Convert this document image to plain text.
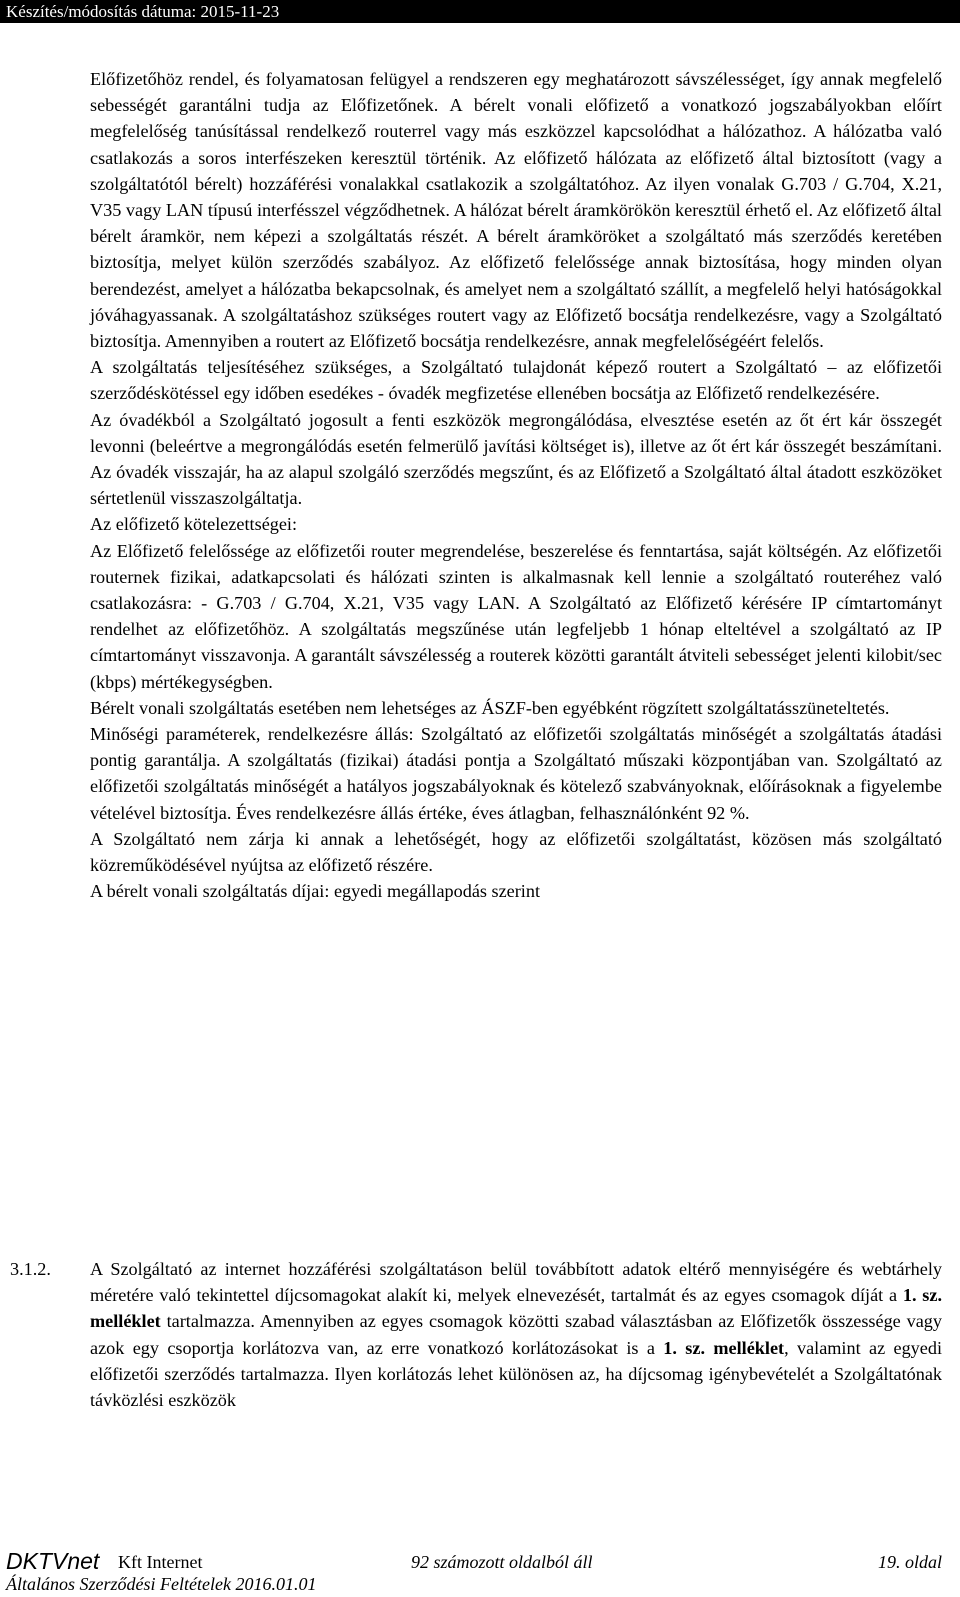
Készítés/módosítás dátuma: 2015-11-23

Előfizetőhöz rendel, és folyamatosan felügyel a rendszeren egy meghatározott sávszélességet, így annak megfelelő sebességét garantálni tudja az Előfizetőnek. A bérelt vonali előfizető a vonatkozó jogszabályokban előírt megfelelőség tanúsítással rendelkező routerrel vagy más eszközzel kapcsolódhat a hálózathoz. A hálózatba való csatlakozás a soros interfészeken keresztül történik. Az előfizető hálózata az előfizető által biztosított (vagy a szolgáltatótól bérelt) hozzáférési vonalakkal csatlakozik a szolgáltatóhoz. Az ilyen vonalak G.703 / G.704, X.21, V35 vagy LAN típusú interfésszel végződhetnek. A hálózat bérelt áramkörökön keresztül érhető el. Az előfizető által bérelt áramkör, nem képezi a szolgáltatás részét. A bérelt áramköröket a szolgáltató más szerződés keretében biztosítja, melyet külön szerződés szabályoz. Az előfizető felelőssége annak biztosítása, hogy minden olyan berendezést, amelyet a hálózatba bekapcsolnak, és amelyet nem a szolgáltató szállít, a megfelelő helyi hatóságokkal jóváhagyassanak. A szolgáltatáshoz szükséges routert vagy az Előfizető bocsátja rendelkezésre, vagy a Szolgáltató biztosítja. Amennyiben a routert az Előfizető bocsátja rendelkezésre, annak megfelelőségéért felelős.

A szolgáltatás teljesítéséhez szükséges, a Szolgáltató tulajdonát képező routert a Szolgáltató – az előfizetői szerződéskötéssel egy időben esedékes - óvadék megfizetése ellenében bocsátja az Előfizető rendelkezésére.

Az óvadékból a Szolgáltató jogosult a fenti eszközök megrongálódása, elvesztése esetén az őt ért kár összegét levonni (beleértve a megrongálódás esetén felmerülő javítási költséget is), illetve az őt ért kár összegét beszámítani. Az óvadék visszajár, ha az alapul szolgáló szerződés megszűnt, és az Előfizető a Szolgáltató által átadott eszközöket sértetlenül visszaszolgáltatja.

Az előfizető kötelezettségei:

Az Előfizető felelőssége az előfizetői router megrendelése, beszerelése és fenntartása, saját költségén. Az előfizetői routernek fizikai, adatkapcsolati és hálózati szinten is alkalmasnak kell lennie a szolgáltató routeréhez való csatlakozásra: - G.703 / G.704, X.21, V35 vagy LAN. A Szolgáltató az Előfizető kérésére IP címtartományt rendelhet az előfizetőhöz. A szolgáltatás megszűnése után legfeljebb 1 hónap elteltével a szolgáltató az IP címtartományt visszavonja. A garantált sávszélesség a routerek közötti garantált átviteli sebességet jelenti kilobit/sec (kbps) mértékegységben.

Bérelt vonali szolgáltatás esetében nem lehetséges az ÁSZF-ben egyébként rögzített szolgáltatásszüneteltetés.

Minőségi paraméterek, rendelkezésre állás: Szolgáltató az előfizetői szolgáltatás minőségét a szolgáltatás átadási pontig garantálja. A szolgáltatás (fizikai) átadási pontja a Szolgáltató műszaki központjában van. Szolgáltató az előfizetői szolgáltatás minőségét a hatályos jogszabályoknak és kötelező szabványoknak, előírásoknak a figyelembe vételével biztosítja. Éves rendelkezésre állás értéke, éves átlagban, felhasználónként 92 %.

A Szolgáltató nem zárja ki annak a lehetőségét, hogy az előfizetői szolgáltatást, közösen más szolgáltató közreműködésével nyújtsa az előfizető részére.

A bérelt vonali szolgáltatás díjai: egyedi megállapodás szerint

3.1.2.	A Szolgáltató az internet hozzáférési szolgáltatáson belül továbbított adatok eltérő mennyiségére és webtárhely méretére való tekintettel díjcsomagokat alakít ki, melyek elnevezését, tartalmát és az egyes csomagok díját a 1. sz. melléklet tartalmazza. Amennyiben az egyes csomagok közötti szabad választásban az Előfizetők összessége vagy azok egy csoportja korlátozva van, az erre vonatkozó korlátozásokat is a 1. sz. melléklet, valamint az egyedi előfizetői szerződés tartalmazza. Ilyen korlátozás lehet különösen az, ha díjcsomag igénybevételét a Szolgáltatónak távközlési eszközök
DKTVnet Kft Internet	92 számozott oldalból áll	19. oldal
Általános Szerződési Feltételek 2016.01.01
